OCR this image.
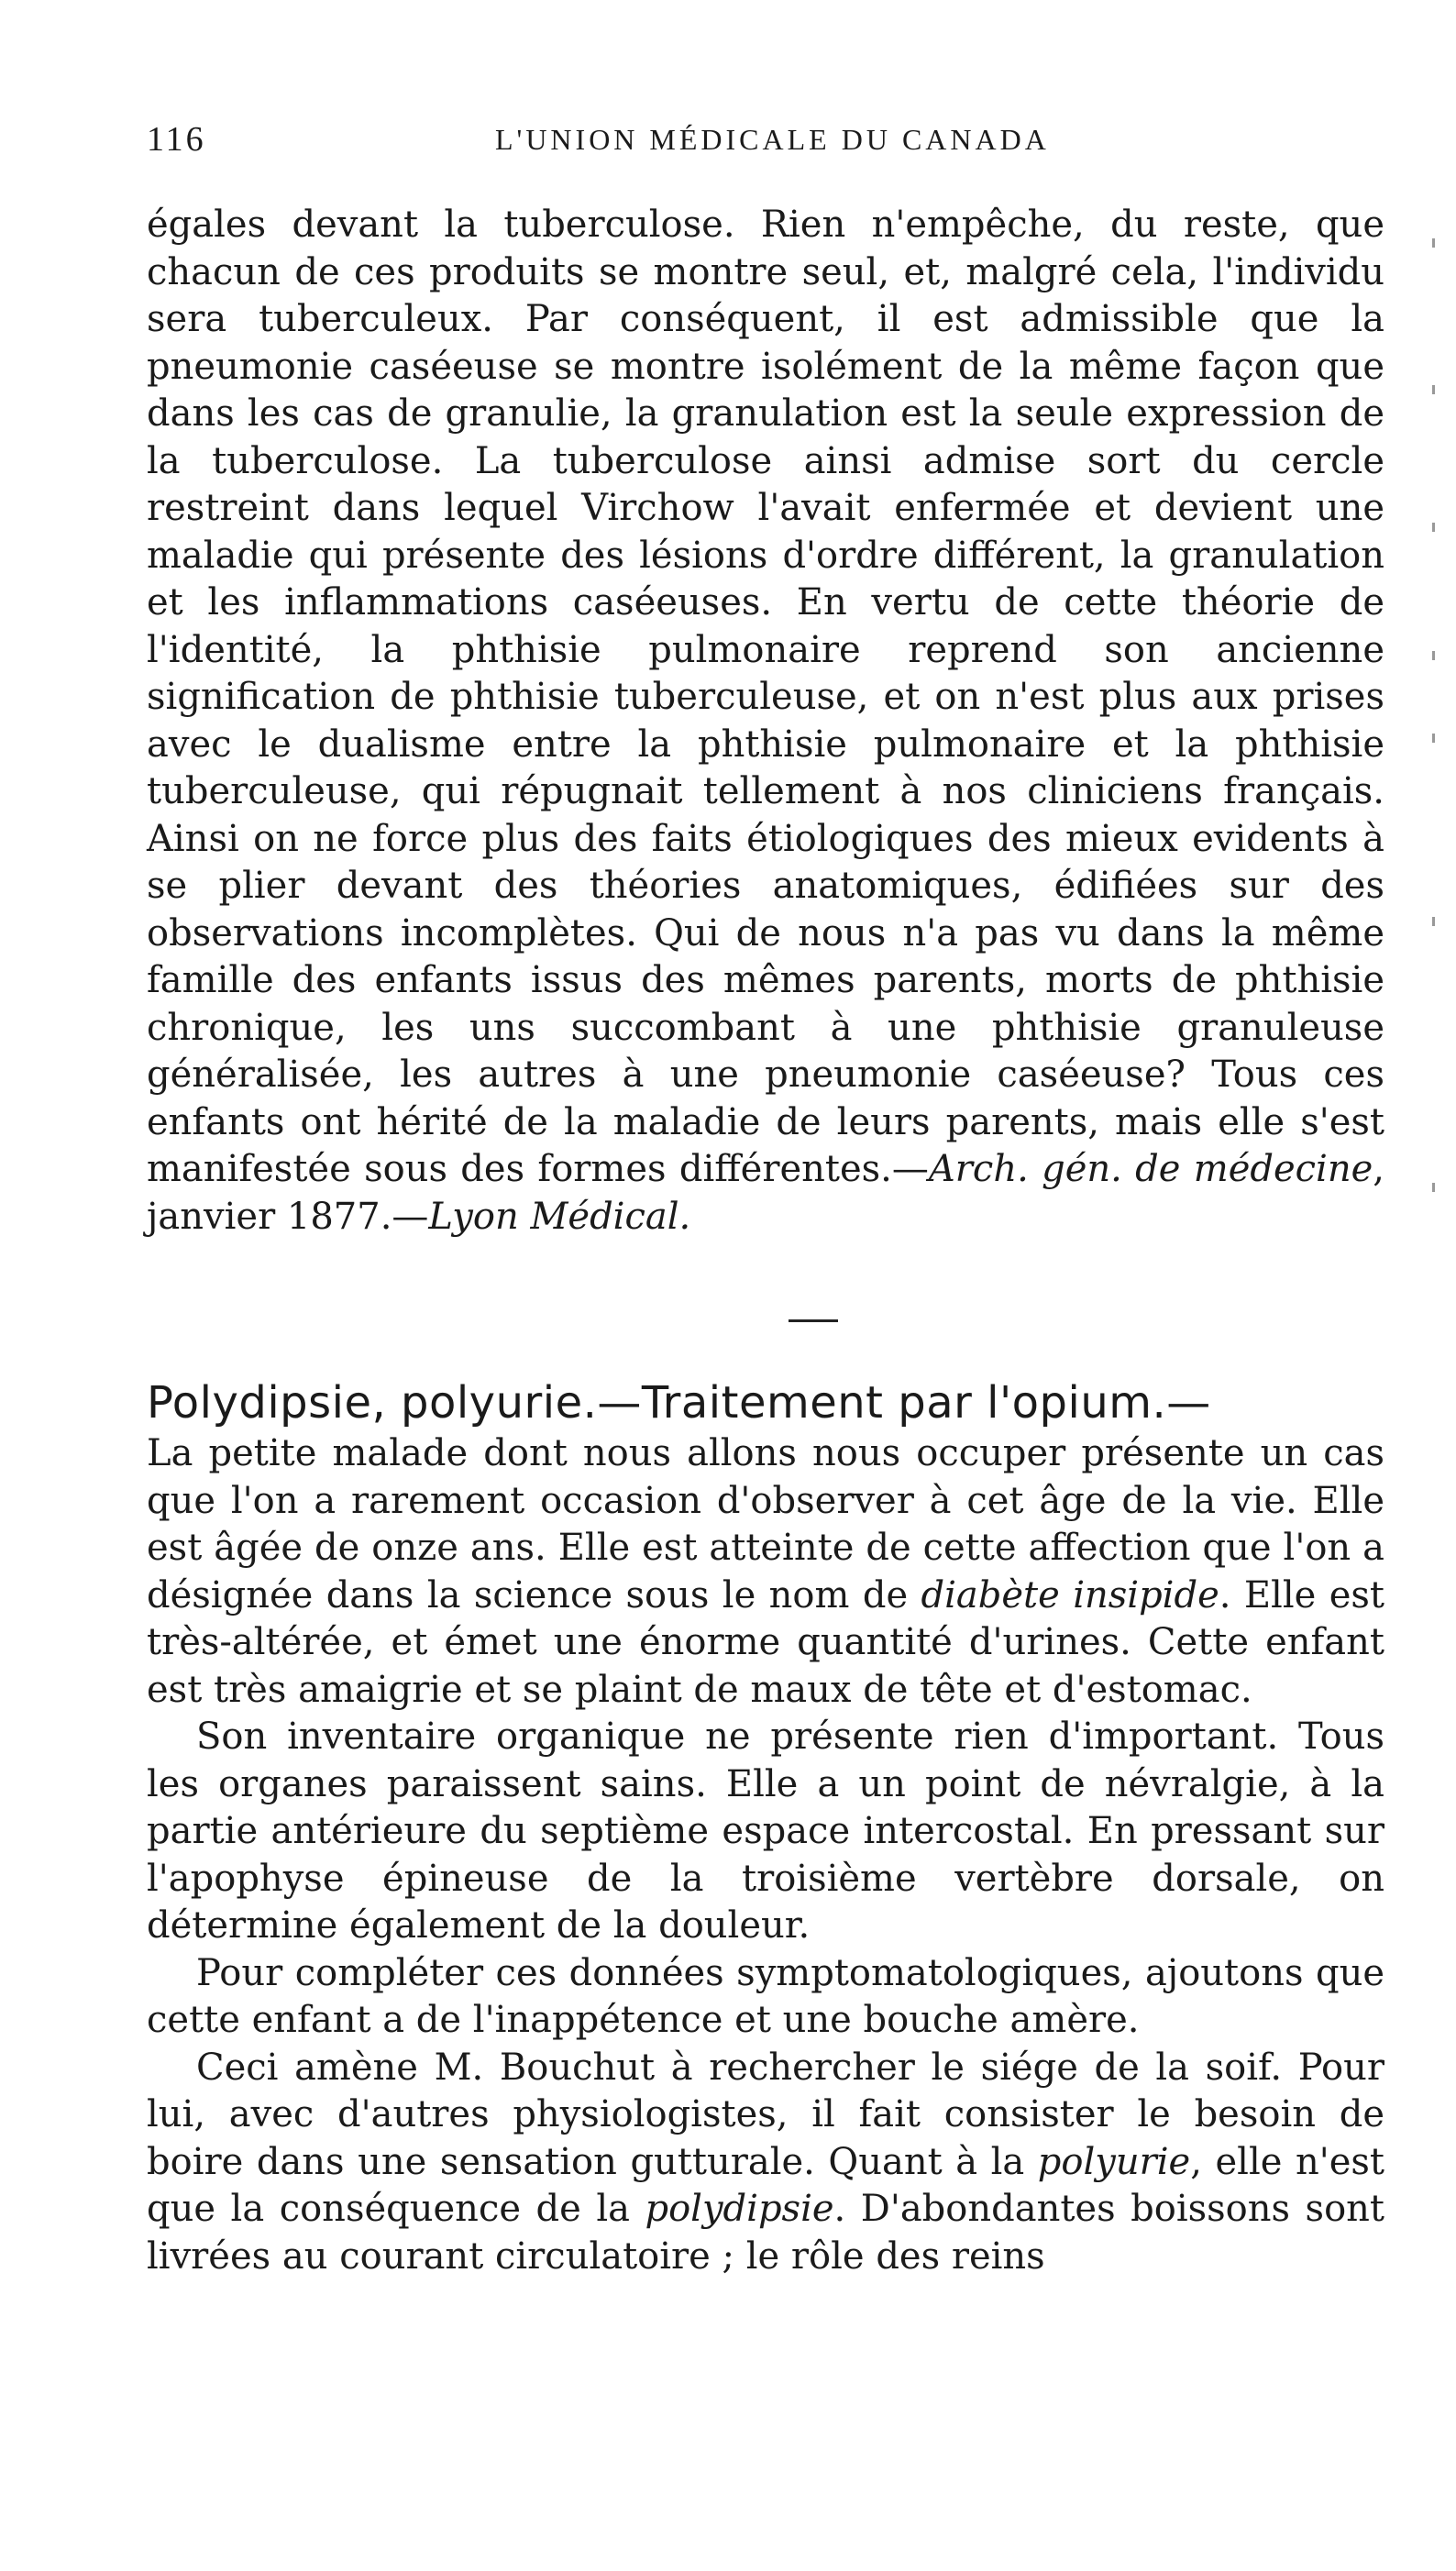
116	L'UNION MÉDICALE DU CANADA

égales devant la tuberculose. Rien n'empêche, du reste, que chacun de ces produits se montre seul, et, malgré cela, l'individu sera tuberculeux. Par conséquent, il est admissible que la pneumonie caséeuse se montre isolément de la même façon que dans les cas de granulie, la granulation est la seule expression de la tuberculose. La tuberculose ainsi admise sort du cercle restreint dans lequel Virchow l'avait enfermée et devient une maladie qui présente des lésions d'ordre différent, la granulation et les inflammations caséeuses. En vertu de cette théorie de l'identité, la phthisie pulmonaire reprend son ancienne signification de phthisie tuberculeuse, et on n'est plus aux prises avec le dualisme entre la phthisie pulmonaire et la phthisie tuberculeuse, qui répugnait tellement à nos cliniciens français. Ainsi on ne force plus des faits étiologiques des mieux evidents à se plier devant des théories anatomiques, édifiées sur des observations incomplètes. Qui de nous n'a pas vu dans la même famille des enfants issus des mêmes parents, morts de phthisie chronique, les uns succombant à une phthisie granuleuse généralisée, les autres à une pneumonie caséeuse? Tous ces enfants ont hérité de la maladie de leurs parents, mais elle s'est manifestée sous des formes différentes.—Arch. gén. de médecine, janvier 1877.—Lyon Médical.

Polydipsie, polyurie.—Traitement par l'opium.—

La petite malade dont nous allons nous occuper présente un cas que l'on a rarement occasion d'observer à cet âge de la vie. Elle est âgée de onze ans. Elle est atteinte de cette affection que l'on a désignée dans la science sous le nom de diabète insipide. Elle est très-altérée, et émet une énorme quantité d'urines. Cette enfant est très amaigrie et se plaint de maux de tête et d'estomac.

Son inventaire organique ne présente rien d'important. Tous les organes paraissent sains. Elle a un point de névralgie, à la partie antérieure du septième espace intercostal. En pressant sur l'apophyse épineuse de la troisième vertèbre dorsale, on détermine également de la douleur.

Pour compléter ces données symptomatologiques, ajoutons que cette enfant a de l'inappétence et une bouche amère.

Ceci amène M. Bouchut à rechercher le siége de la soif. Pour lui, avec d'autres physiologistes, il fait consister le besoin de boire dans une sensation gutturale. Quant à la polyurie, elle n'est que la conséquence de la polydipsie. D'abondantes boissons sont livrées au courant circulatoire ; le rôle des reins
